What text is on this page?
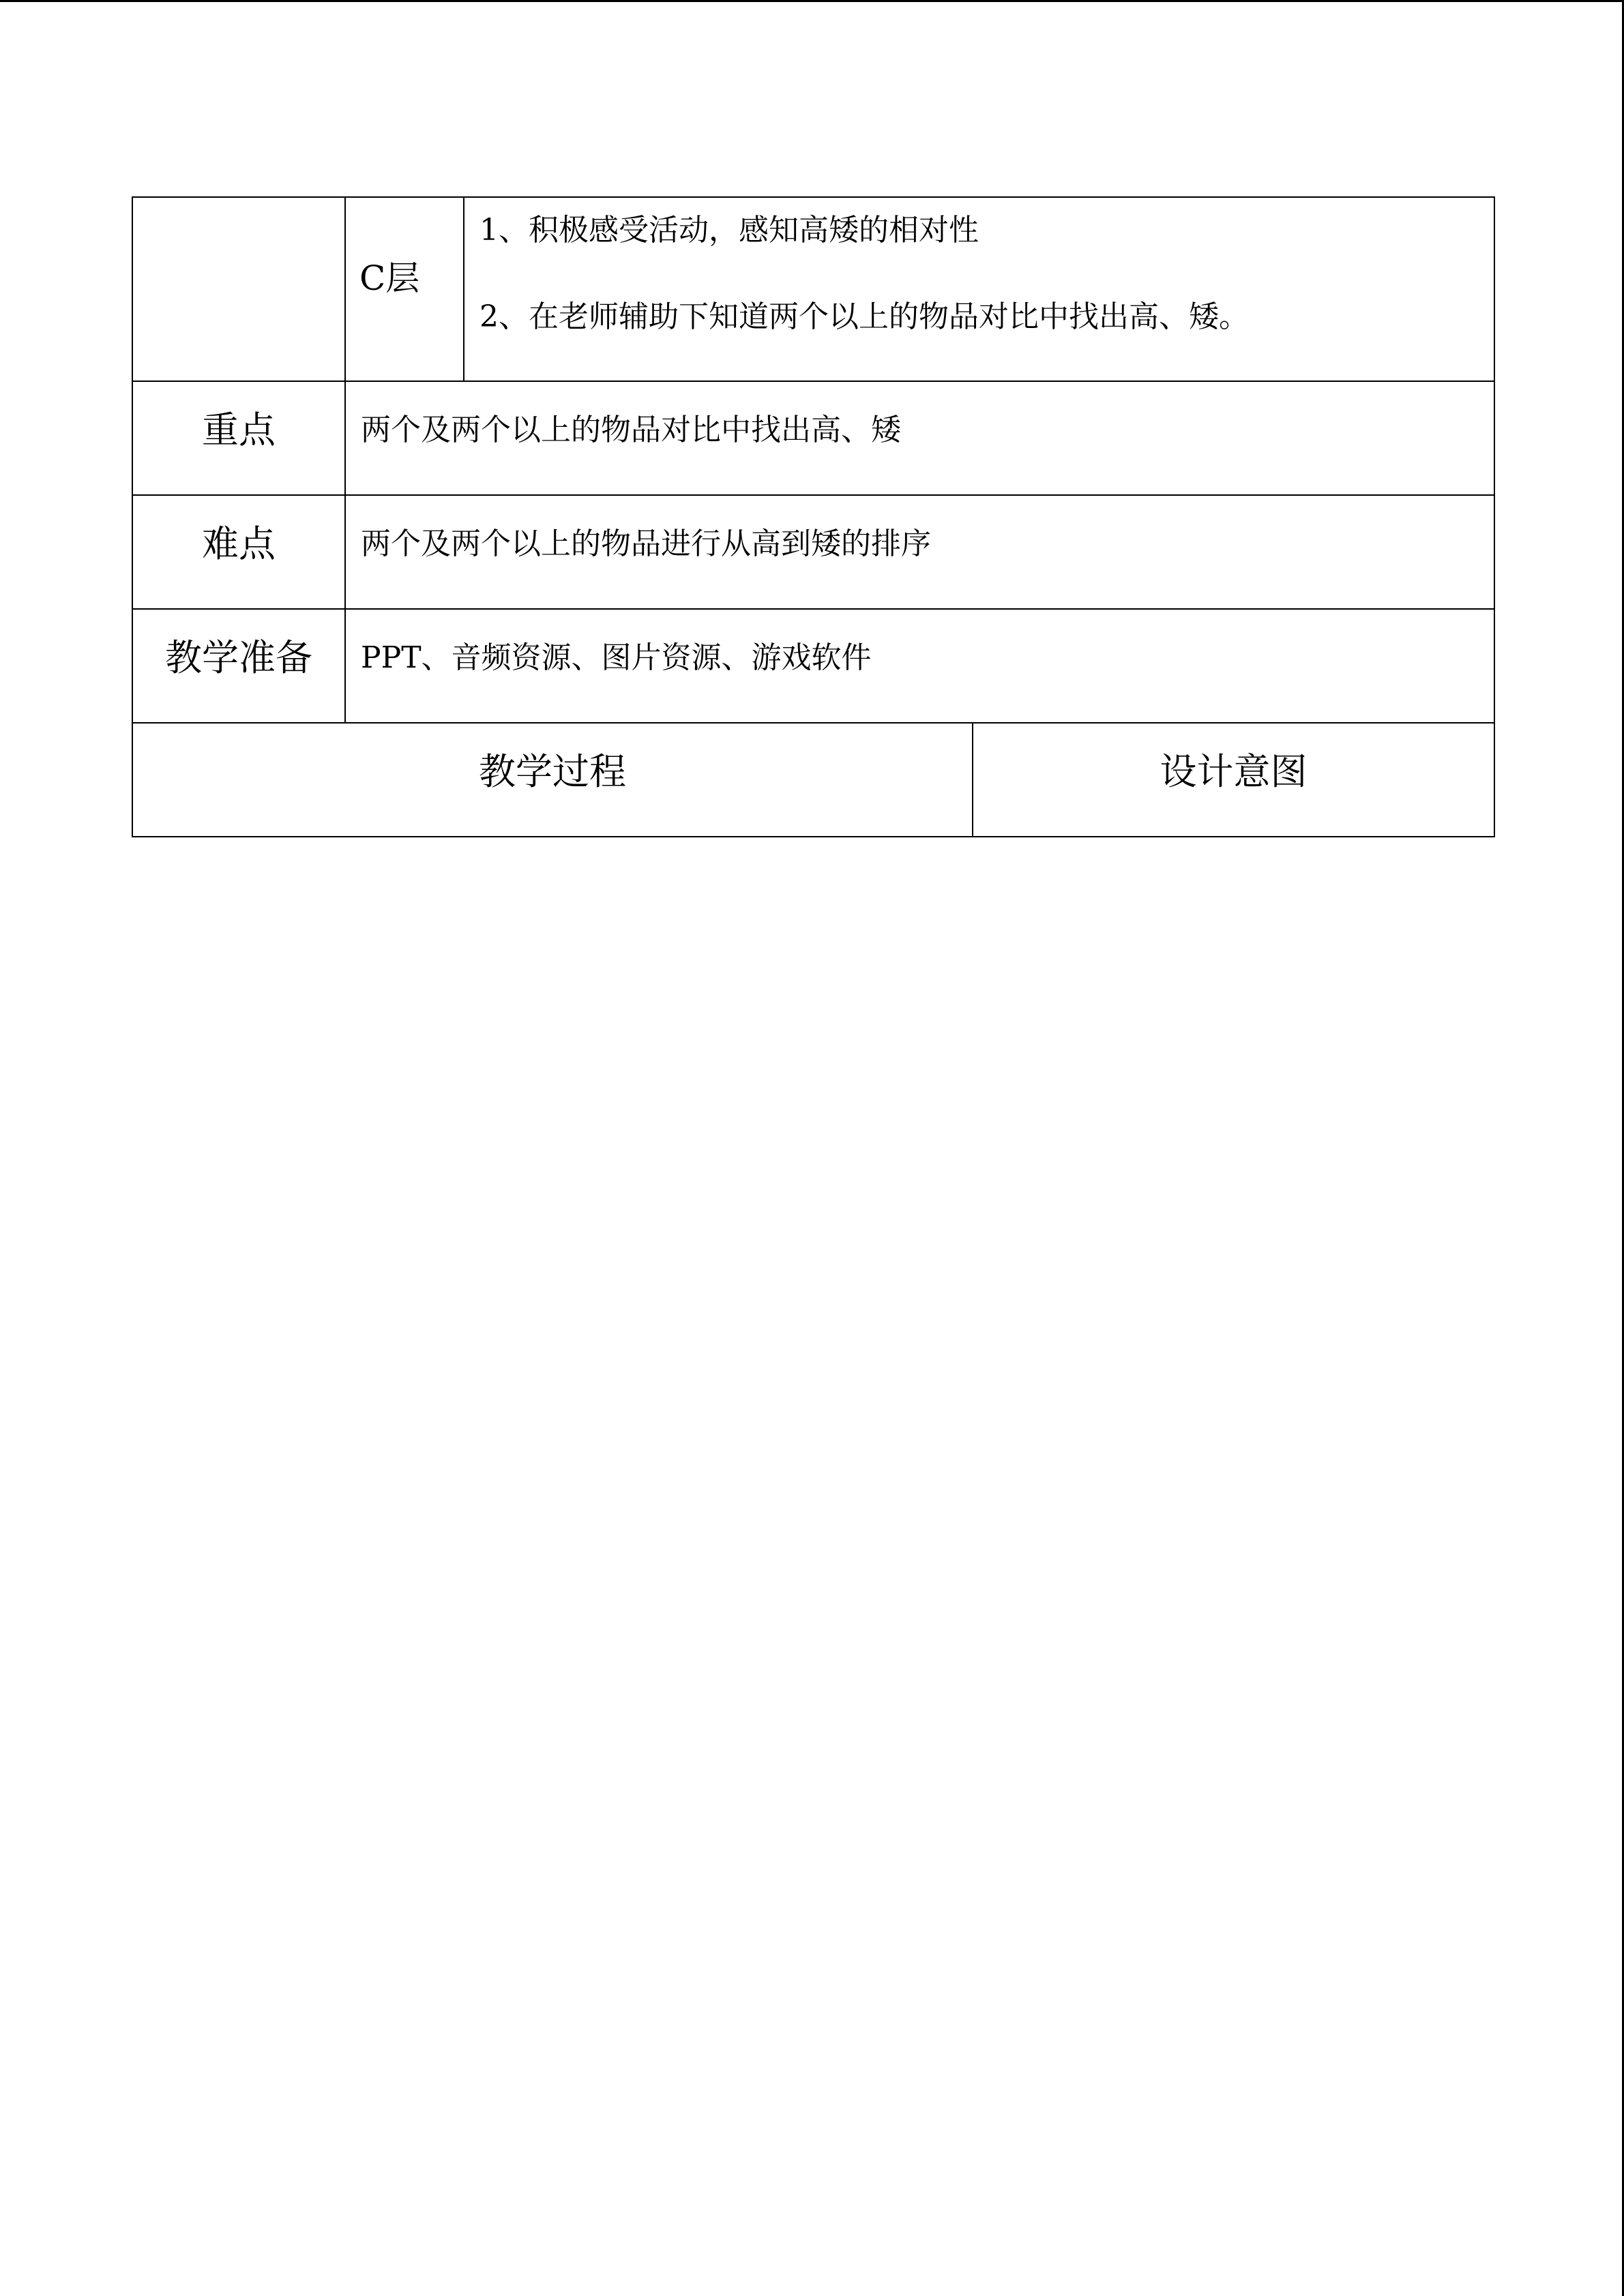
	C层	1、积极感受活动，感知高矮的相对性
2、在老师辅助下知道两个以上的物品对比中找出高、矮。	

重点	两个及两个以上的物品对比中找出高、矮		

难点	两个及两个以上的物品进行从高到矮的排序		

教学准备	PPT、音频资源、图片资源、游戏软件		

教学过程			设计意图
